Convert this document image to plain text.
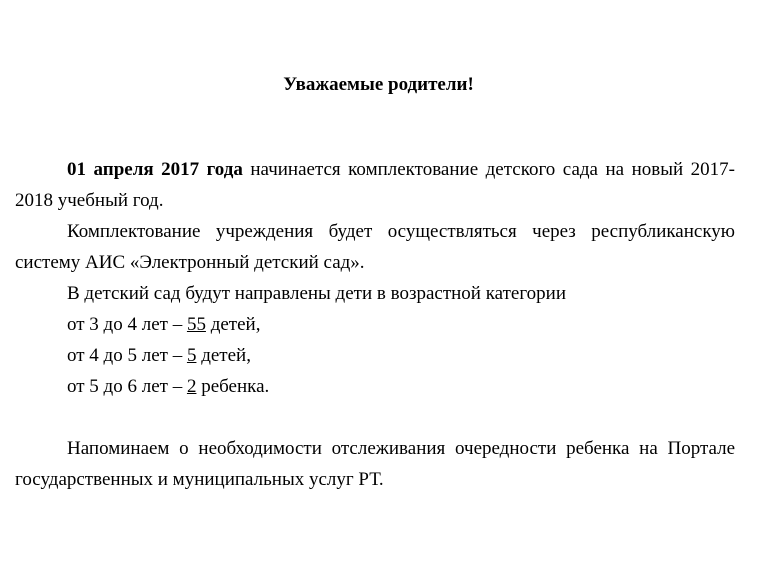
Уважаемые родители!

01 апреля 2017 года начинается комплектование детского сада на новый 2017-2018 учебный год.

Комплектование учреждения будет осуществляться через республиканскую систему АИС «Электронный детский сад».

В детский сад будут направлены дети в возрастной категории

от 3 до 4 лет – 55 детей,

от 4 до 5 лет – 5 детей,

от 5 до 6 лет – 2 ребенка.

Напоминаем о необходимости отслеживания очередности ребенка на Портале государственных и муниципальных услуг РТ.
